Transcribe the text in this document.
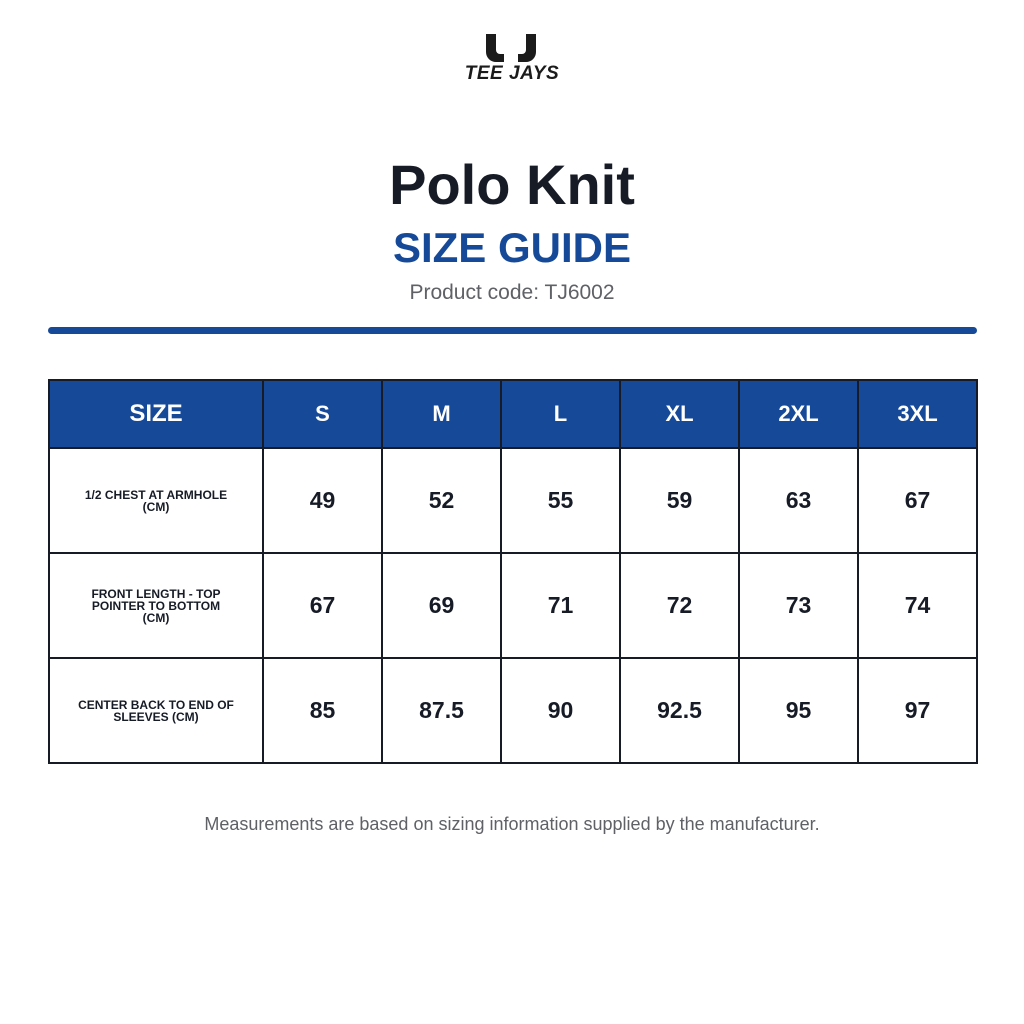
TEE JAYS
Polo Knit
SIZE GUIDE
Product code: TJ6002
SIZE	S	M	L	XL	2XL	3XL
1/2 CHEST AT ARMHOLE (CM)	49	52	55	59	63	67
FRONT LENGTH - TOP POINTER TO BOTTOM (CM)	67	69	71	72	73	74
CENTER BACK TO END OF SLEEVES (CM)	85	87.5	90	92.5	95	97
Measurements are based on sizing information supplied by the manufacturer.
